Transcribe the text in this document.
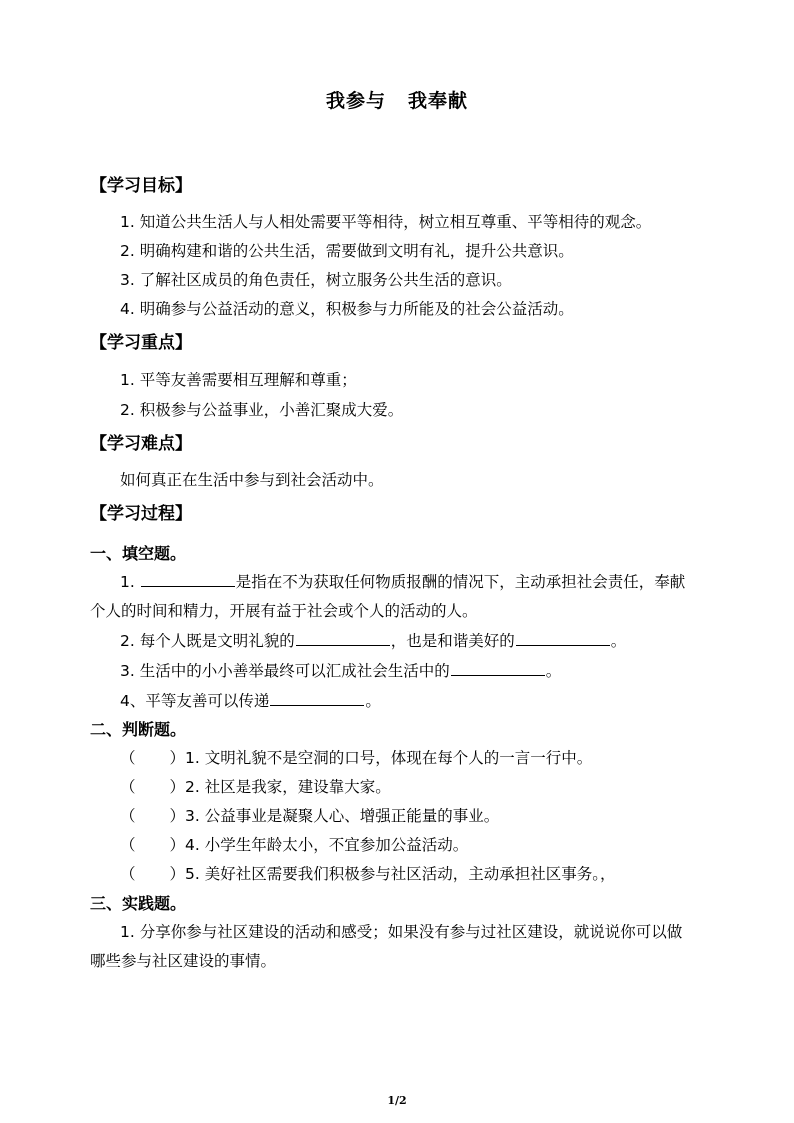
我参与 我奉献
【学习目标】
1. 知道公共生活人与人相处需要平等相待，树立相互尊重、平等相待的观念。
2. 明确构建和谐的公共生活，需要做到文明有礼，提升公共意识。
3. 了解社区成员的角色责任，树立服务公共生活的意识。
4. 明确参与公益活动的意义，积极参与力所能及的社会公益活动。
【学习重点】
1. 平等友善需要相互理解和尊重；
2. 积极参与公益事业，小善汇聚成大爱。
【学习难点】
如何真正在生活中参与到社会活动中。
【学习过程】
一、填空题。
1.	是指在不为获取任何物质报酬的情况下，主动承担社会责任，奉献
个人的时间和精力，开展有益于社会或个人的活动的人。
2. 每个人既是文明礼貌的	，也是和谐美好的	。
3. 生活中的小小善举最终可以汇成社会生活中的	。
4、平等友善可以传递	。
二、判断题。
（ ）1. 文明礼貌不是空洞的口号，体现在每个人的一言一行中。
（ ）2. 社区是我家，建设靠大家。
（ ）3. 公益事业是凝聚人心、增强正能量的事业。
（ ）4. 小学生年龄太小，不宜参加公益活动。
（ ）5. 美好社区需要我们积极参与社区活动，主动承担社区事务。，
三、实践题。
1. 分享你参与社区建设的活动和感受；如果没有参与过社区建设，就说说你可以做
哪些参与社区建设的事情。
1/2
